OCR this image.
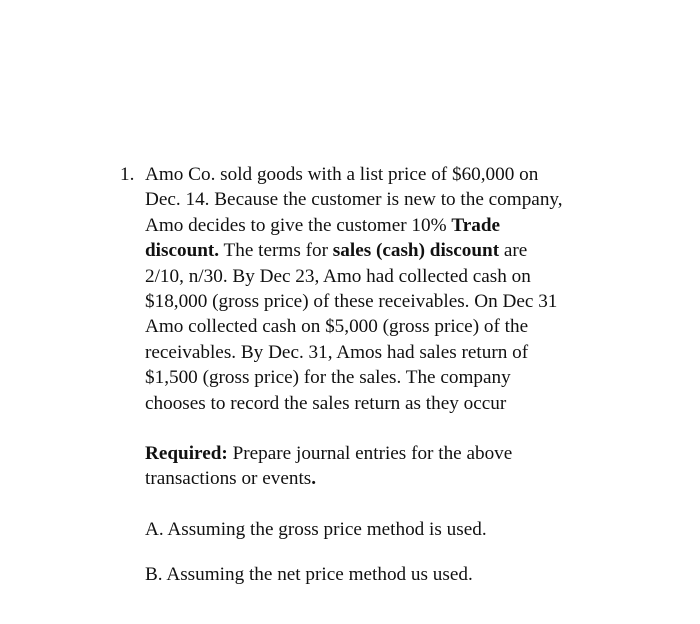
1. Amo Co. sold goods with a list price of $60,000 on
Dec. 14. Because the customer is new to the company,
Amo decides to give the customer 10% Trade
discount. The terms for sales (cash) discount are
2/10, n/30. By Dec 23, Amo had collected cash on
$18,000 (gross price) of these receivables. On Dec 31
Amo collected cash on $5,000 (gross price) of the
receivables. By Dec. 31, Amos had sales return of
$1,500 (gross price) for the sales. The company
chooses to record the sales return as they occur
Required: Prepare journal entries for the above
transactions or events.
A. Assuming the gross price method is used.
B. Assuming the net price method us used.
